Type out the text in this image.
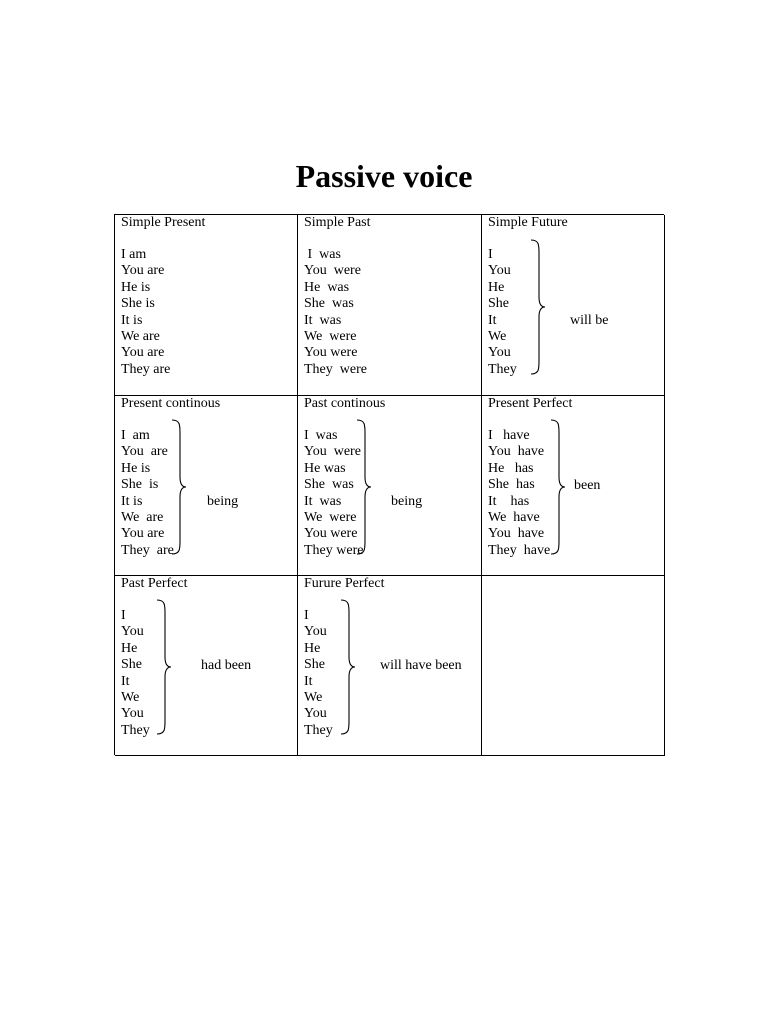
Passive voice
Simple Present
I am
You are
He is
She is
It is
We are
You are
They are
Simple Past
I  was
You  were
He  was
She  was
It  was
We  were
You were
They  were
Simple Future
I
You
He
She
It
We
You
They
will be
Present continous
I  am
You  are
He is
She  is
It is
We  are
You are
They  are
being
Past continous
I  was
You  were
He was
She  was
It  was
We  were
You were
They were
being
Present Perfect
I   have
You  have
He   has
She  has
It    has
We  have
You  have
They  have
been
Past Perfect
I
You
He
She
It
We
You
They
had been
Furure Perfect
I
You
He
She
It
We
You
They
will have been
